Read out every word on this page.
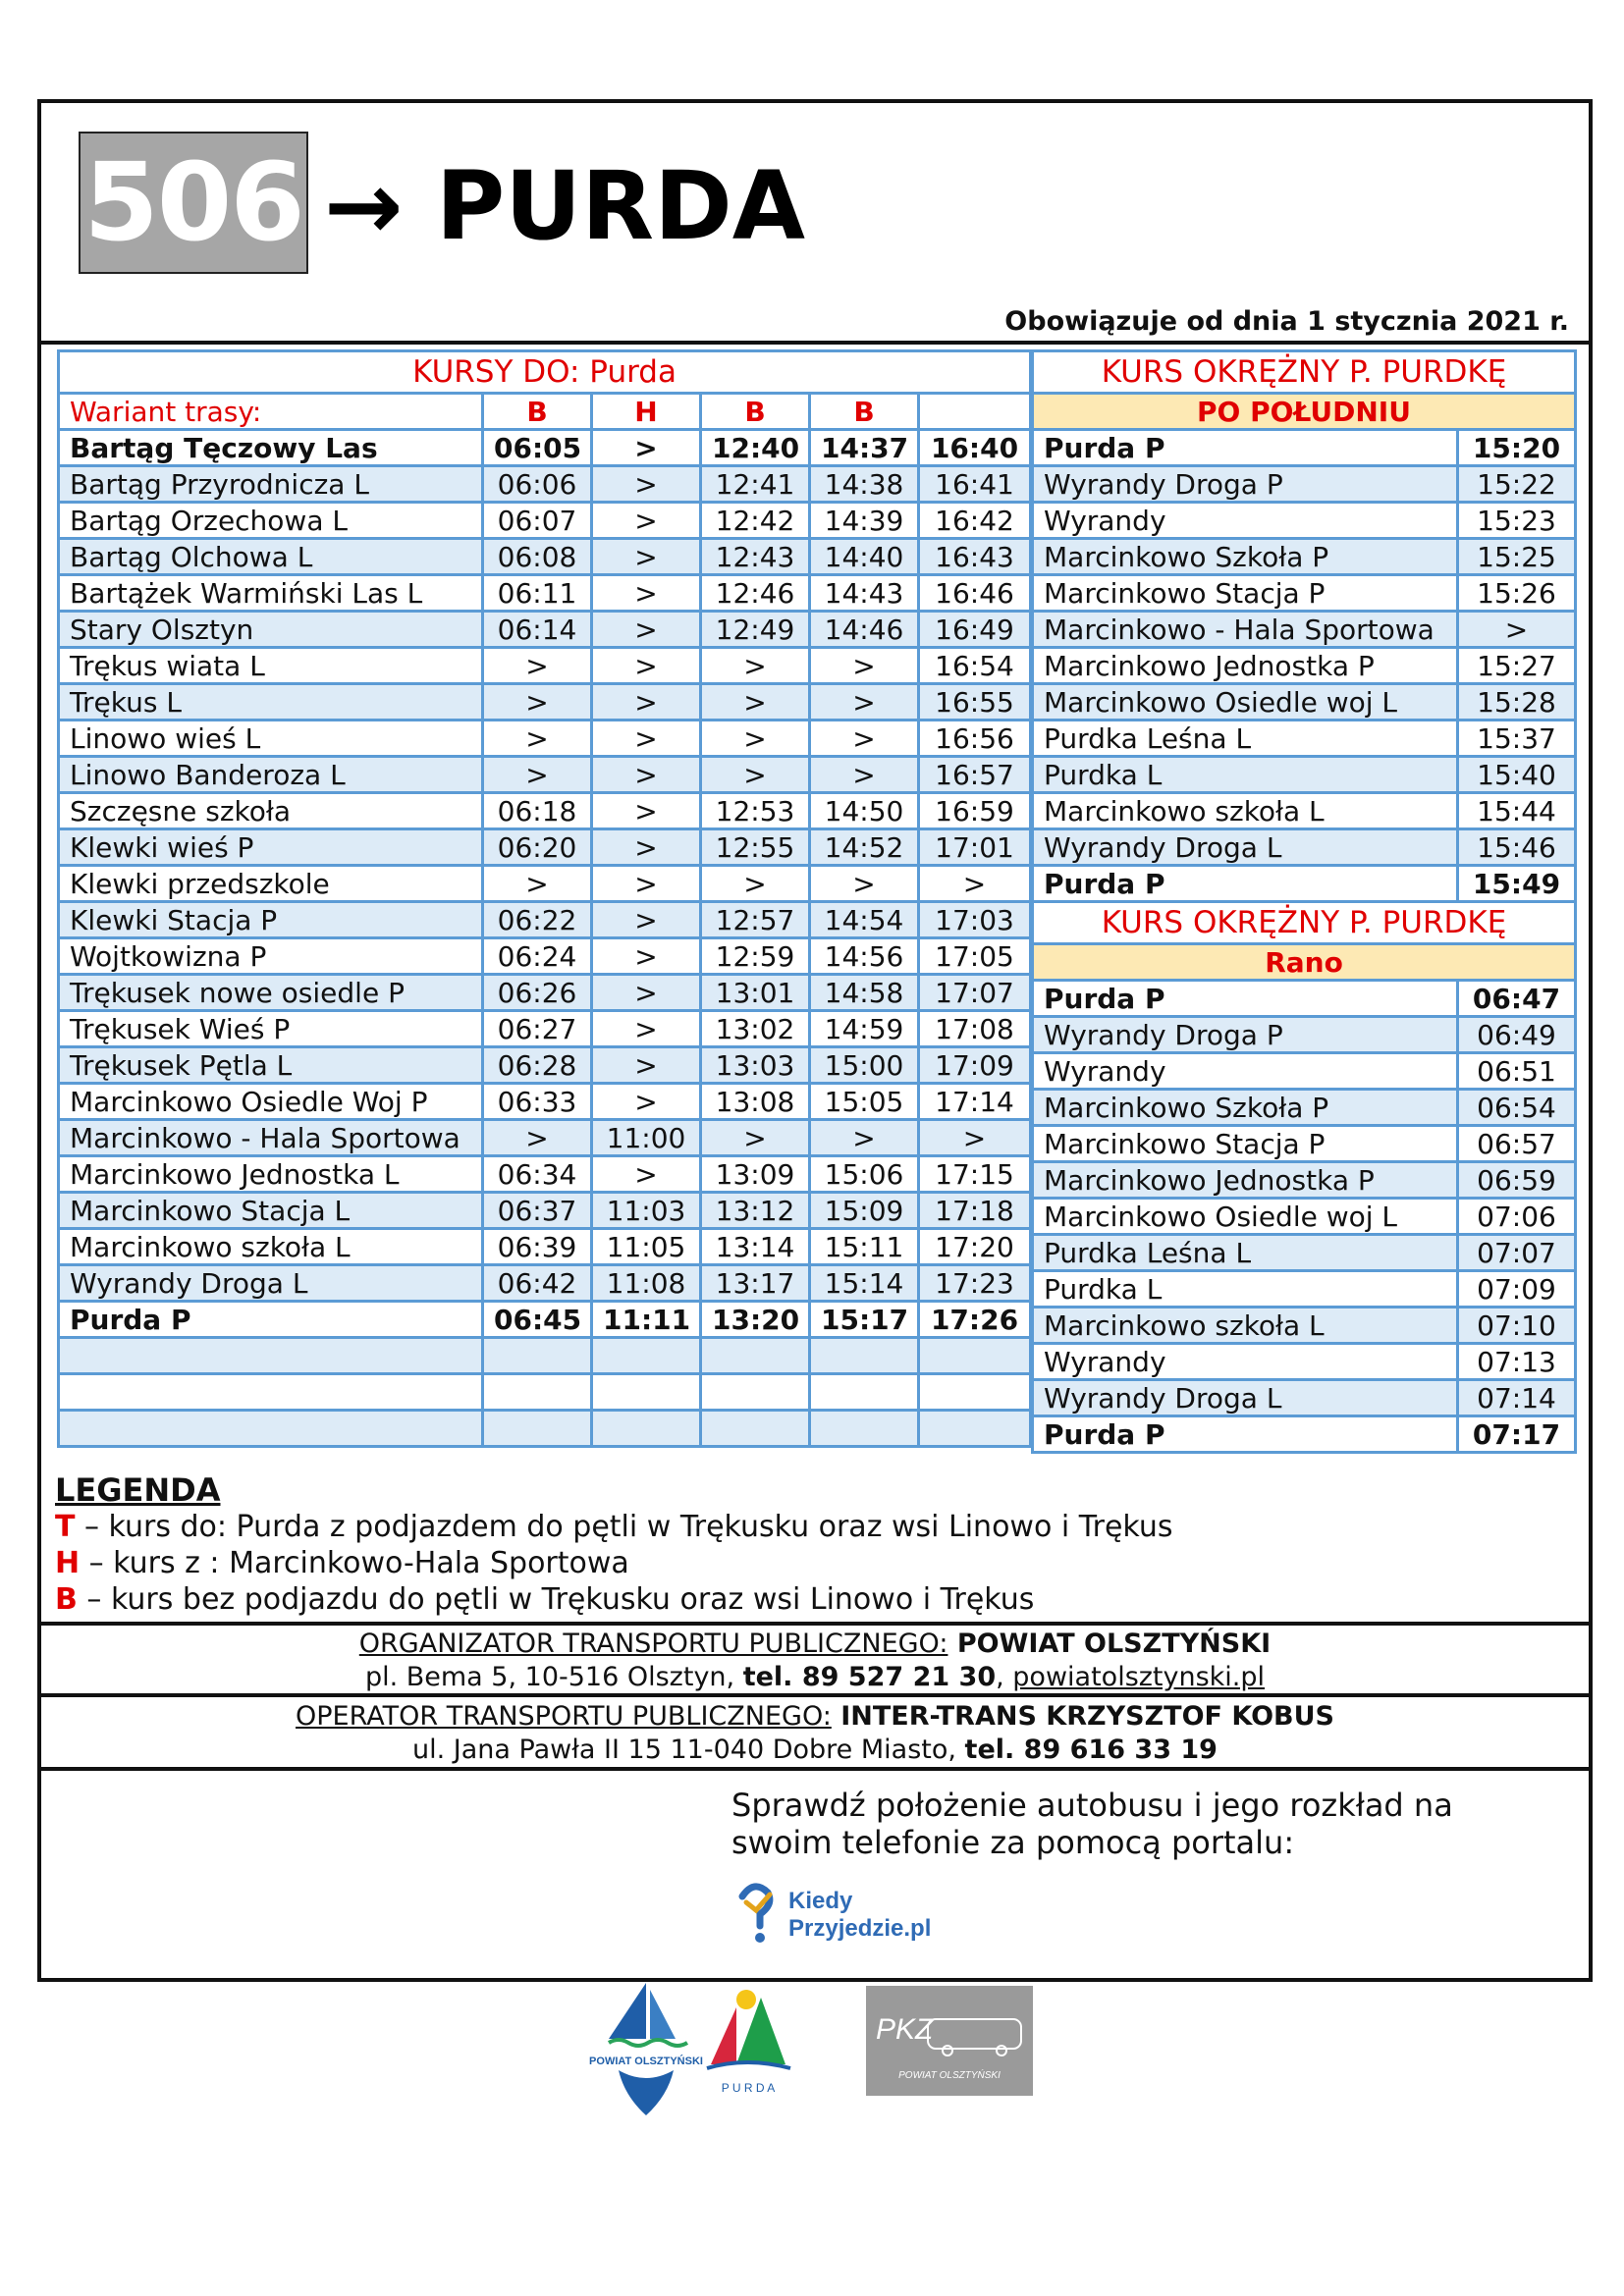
506 → PURDA
Obowiązuje od dnia 1 stycznia 2021 r.
KURSY DO: Purda					
Wariant trasy:	B	H	B	B	
Bartąg Tęczowy Las	06:05	>	12:40	14:37	16:40
Bartąg Przyrodnicza L	06:06	>	12:41	14:38	16:41
Bartąg Orzechowa L	06:07	>	12:42	14:39	16:42
Bartąg Olchowa L	06:08	>	12:43	14:40	16:43
Bartążek Warmiński Las L	06:11	>	12:46	14:43	16:46
Stary Olsztyn	06:14	>	12:49	14:46	16:49
Trękus wiata L	>	>	>	>	16:54
Trękus L	>	>	>	>	16:55
Linowo wieś L	>	>	>	>	16:56
Linowo Banderoza L	>	>	>	>	16:57
Szczęsne szkoła	06:18	>	12:53	14:50	16:59
Klewki wieś P	06:20	>	12:55	14:52	17:01
Klewki przedszkole	>	>	>	>	>
Klewki Stacja P	06:22	>	12:57	14:54	17:03
Wojtkowizna P	06:24	>	12:59	14:56	17:05
Trękusek nowe osiedle P	06:26	>	13:01	14:58	17:07
Trękusek Wieś P	06:27	>	13:02	14:59	17:08
Trękusek Pętla L	06:28	>	13:03	15:00	17:09
Marcinkowo Osiedle Woj P	06:33	>	13:08	15:05	17:14
Marcinkowo - Hala Sportowa	>	11:00	>	>	>
Marcinkowo Jednostka L	06:34	>	13:09	15:06	17:15
Marcinkowo Stacja L	06:37	11:03	13:12	15:09	17:18
Marcinkowo szkoła L	06:39	11:05	13:14	15:11	17:20
Wyrandy Droga L	06:42	11:08	13:17	15:14	17:23
Purda P	06:45	11:11	13:20	15:17	17:26

KURS OKRĘŻNY P. PURDKĘ	
PO POŁUDNIU	
Purda P	15:20
Wyrandy Droga P	15:22
Wyrandy	15:23
Marcinkowo Szkoła P	15:25
Marcinkowo Stacja P	15:26
Marcinkowo - Hala Sportowa	>
Marcinkowo Jednostka P	15:27
Marcinkowo Osiedle woj L	15:28
Purdka Leśna L	15:37
Purdka L	15:40
Marcinkowo szkoła L	15:44
Wyrandy Droga L	15:46
Purda P	15:49
KURS OKRĘŻNY P. PURDKĘ	
Rano	
Purda P	06:47
Wyrandy Droga P	06:49
Wyrandy	06:51
Marcinkowo Szkoła P	06:54
Marcinkowo Stacja P	06:57
Marcinkowo Jednostka P	06:59
Marcinkowo Osiedle woj L	07:06
Purdka Leśna L	07:07
Purdka L	07:09
Marcinkowo szkoła L	07:10
Wyrandy	07:13
Wyrandy Droga L	07:14
Purda P	07:17
LEGENDA
T – kurs do: Purda z podjazdem do pętli w Trękusku oraz wsi Linowo i Trękus
H – kurs z : Marcinkowo-Hala Sportowa
B – kurs bez podjazdu do pętli w Trękusku oraz wsi Linowo i Trękus
ORGANIZATOR TRANSPORTU PUBLICZNEGO: POWIAT OLSZTYŃSKI
pl. Bema 5, 10-516 Olsztyn, tel. 89 527 21 30, powiatolsztynski.pl
OPERATOR TRANSPORTU PUBLICZNEGO: INTER-TRANS KRZYSZTOF KOBUS
ul. Jana Pawła II 15 11-040 Dobre Miasto, tel. 89 616 33 19
Sprawdź położenie autobusu i jego rozkład na
swoim telefonie za pomocą portalu:
Kiedy
Przyjedzie.pl
POWIAT OLSZTYŃSKI
P U R D A
PKZ
POWIAT OLSZTYŃSKI
